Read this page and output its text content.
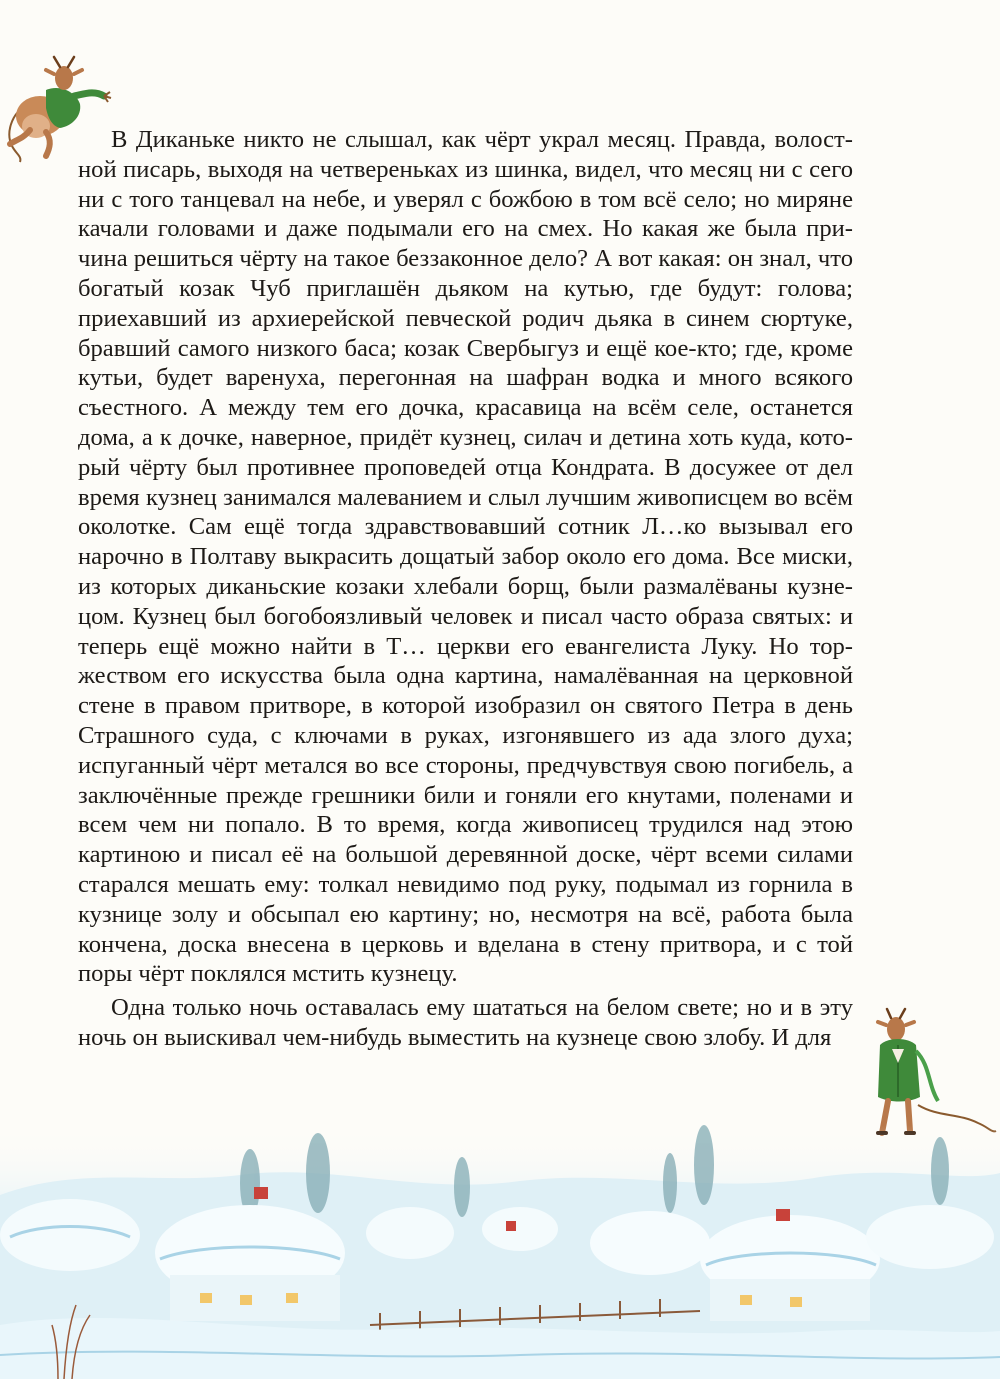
В Диканьке никто не слышал, как чёрт украл месяц. Правда, волостной писарь, выходя на четвереньках из шинка, видел, что месяц ни с сего ни с того танцевал на небе, и уверял с божбою в том всё село; но миряне качали головами и даже подымали его на смех. Но какая же была причина решиться чёрту на такое беззаконное дело? А вот какая: он знал, что богатый козак Чуб приглашён дьяком на кутью, где будут: голова; приехавший из архиерейской певческой родич дьяка в синем сюртуке, бравший самого низкого баса; козак Свербыгуз и ещё кое-кто; где, кроме кутьи, будет варенуха, перегонная на шафран водка и много всякого съестного. А между тем его дочка, красавица на всём селе, останется дома, а к дочке, наверное, придёт кузнец, силач и детина хоть куда, который чёрту был противнее проповедей отца Кондрата. В досужее от дел время кузнец занимался малеванием и слыл лучшим живописцем во всём околотке. Сам ещё тогда здравствовавший сотник Л…ко вызывал его нарочно в Полтаву выкрасить дощатый забор около его дома. Все миски, из которых диканьские козаки хлебали борщ, были размалёваны кузнецом. Кузнец был богобоязливый человек и писал часто образа святых: и теперь ещё можно найти в Т… церкви его евангелиста Луку. Но торжеством его искусства была одна картина, намалёванная на церковной стене в правом притворе, в которой изобразил он святого Петра в день Страшного суда, с ключами в руках, изгонявшего из ада злого духа; испуганный чёрт метался во все стороны, предчувствуя свою погибель, а заключённые прежде грешники били и гоняли его кнутами, поленами и всем чем ни попало. В то время, когда живописец трудился над этою картиною и писал её на большой деревянной доске, чёрт всеми силами старался мешать ему: толкал невидимо под руку, подымал из горнила в кузнице золу и обсыпал ею картину; но, несмотря на всё, работа была кончена, доска внесена в церковь и вделана в стену притвора, и с той поры чёрт поклялся мстить кузнецу.

Одна только ночь оставалась ему шататься на белом свете; но и в эту ночь он выискивал чем-нибудь выместить на кузнеце свою злобу. И для
